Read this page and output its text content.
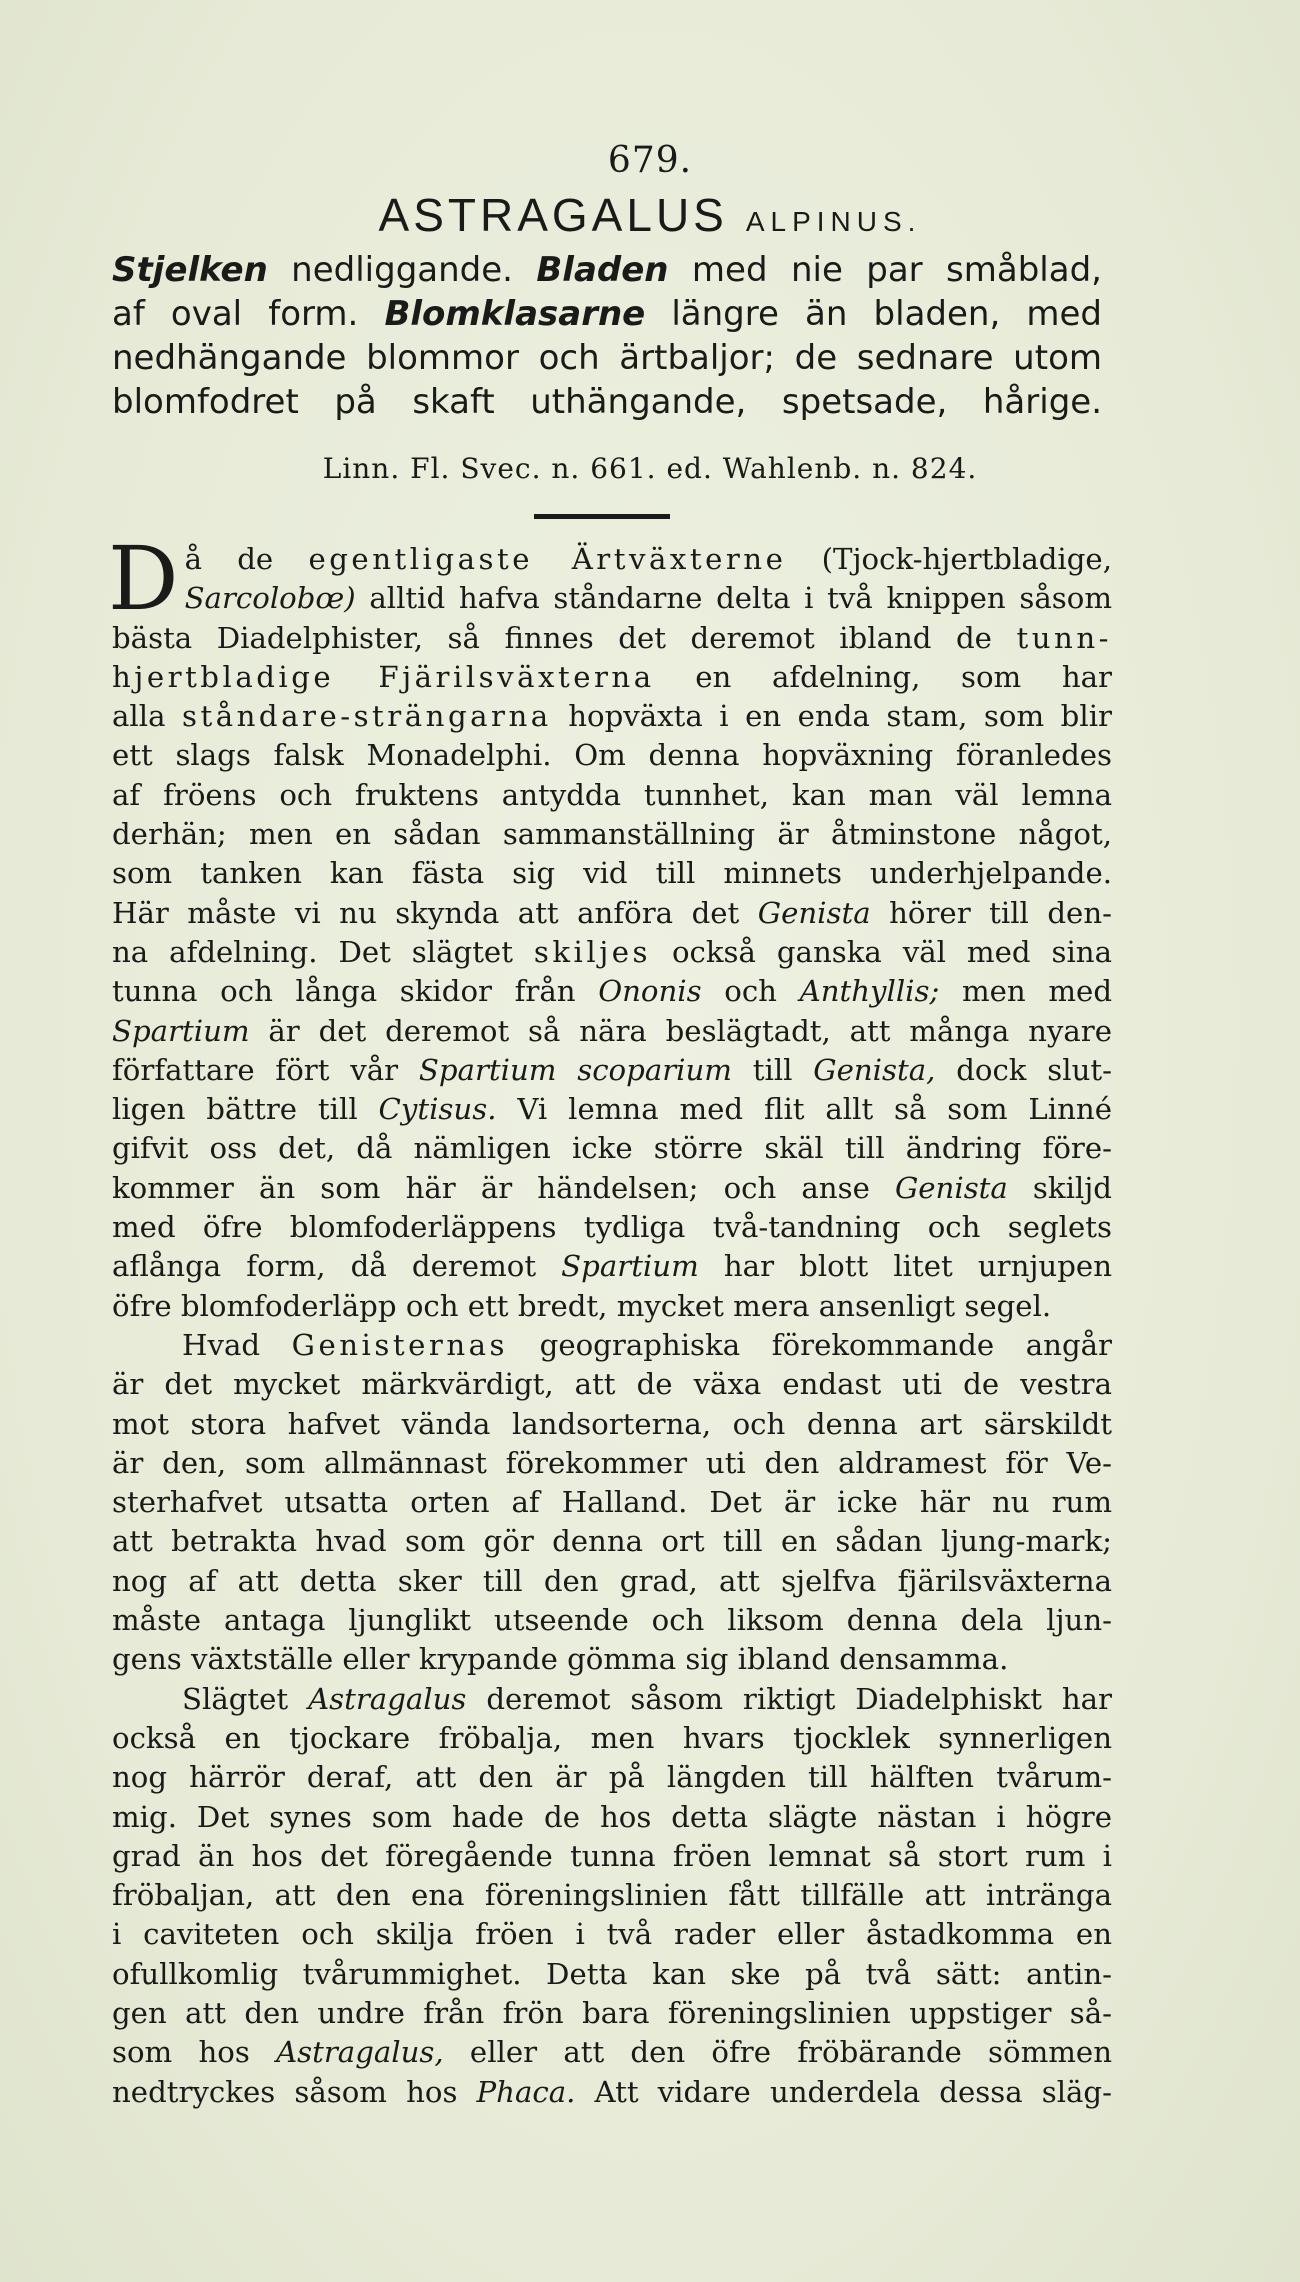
679.
ASTRAGALUS ALPINUS.
Stjelken nedliggande. Bladen med nie par småblad,
af oval form. Blomklasarne längre än bladen, med
nedhängande blommor och ärtbaljor; de sednare utom
blomfodret på skaft uthängande, spetsade, hårige.
Linn. Fl. Svec. n. 661. ed. Wahlenb. n. 824.
Då de egentligaste Ärtväxterne (Tjock-hjertbladige,
Sarcolobœ) alltid hafva ståndarne delta i två knippen såsom
bästa Diadelphister, så finnes det deremot ibland de tunn-
hjertbladige Fjärilsväxterna en afdelning, som har
alla ståndare-strängarna hopväxta i en enda stam, som blir
ett slags falsk Monadelphi. Om denna hopväxning föranledes
af fröens och fruktens antydda tunnhet, kan man väl lemna
derhän; men en sådan sammanställning är åtminstone något,
som tanken kan fästa sig vid till minnets underhjelpande.
Här måste vi nu skynda att anföra det Genista hörer till den-
na afdelning. Det slägtet skiljes också ganska väl med sina
tunna och långa skidor från Ononis och Anthyllis; men med
Spartium är det deremot så nära beslägtadt, att många nyare
författare fört vår Spartium scoparium till Genista, dock slut-
ligen bättre till Cytisus. Vi lemna med flit allt så som Linné
gifvit oss det, då nämligen icke större skäl till ändring före-
kommer än som här är händelsen; och anse Genista skiljd
med öfre blomfoderläppens tydliga två-tandning och seglets
aflånga form, då deremot Spartium har blott litet urnjupen
öfre blomfoderläpp och ett bredt, mycket mera ansenligt segel.
Hvad Genisternas geographiska förekommande angår
är det mycket märkvärdigt, att de växa endast uti de vestra
mot stora hafvet vända landsorterna, och denna art särskildt
är den, som allmännast förekommer uti den aldramest för Ve-
sterhafvet utsatta orten af Halland. Det är icke här nu rum
att betrakta hvad som gör denna ort till en sådan ljung-mark;
nog af att detta sker till den grad, att sjelfva fjärilsväxterna
måste antaga ljunglikt utseende och liksom denna dela ljun-
gens växtställe eller krypande gömma sig ibland densamma.
Slägtet Astragalus deremot såsom riktigt Diadelphiskt har
också en tjockare fröbalja, men hvars tjocklek synnerligen
nog härrör deraf, att den är på längden till hälften tvårum-
mig. Det synes som hade de hos detta slägte nästan i högre
grad än hos det föregående tunna fröen lemnat så stort rum i
fröbaljan, att den ena föreningslinien fått tillfälle att intränga
i caviteten och skilja fröen i två rader eller åstadkomma en
ofullkomlig tvårummighet. Detta kan ske på två sätt: antin-
gen att den undre från frön bara föreningslinien uppstiger så-
som hos Astragalus, eller att den öfre fröbärande sömmen
nedtryckes såsom hos Phaca. Att vidare underdela dessa släg-
